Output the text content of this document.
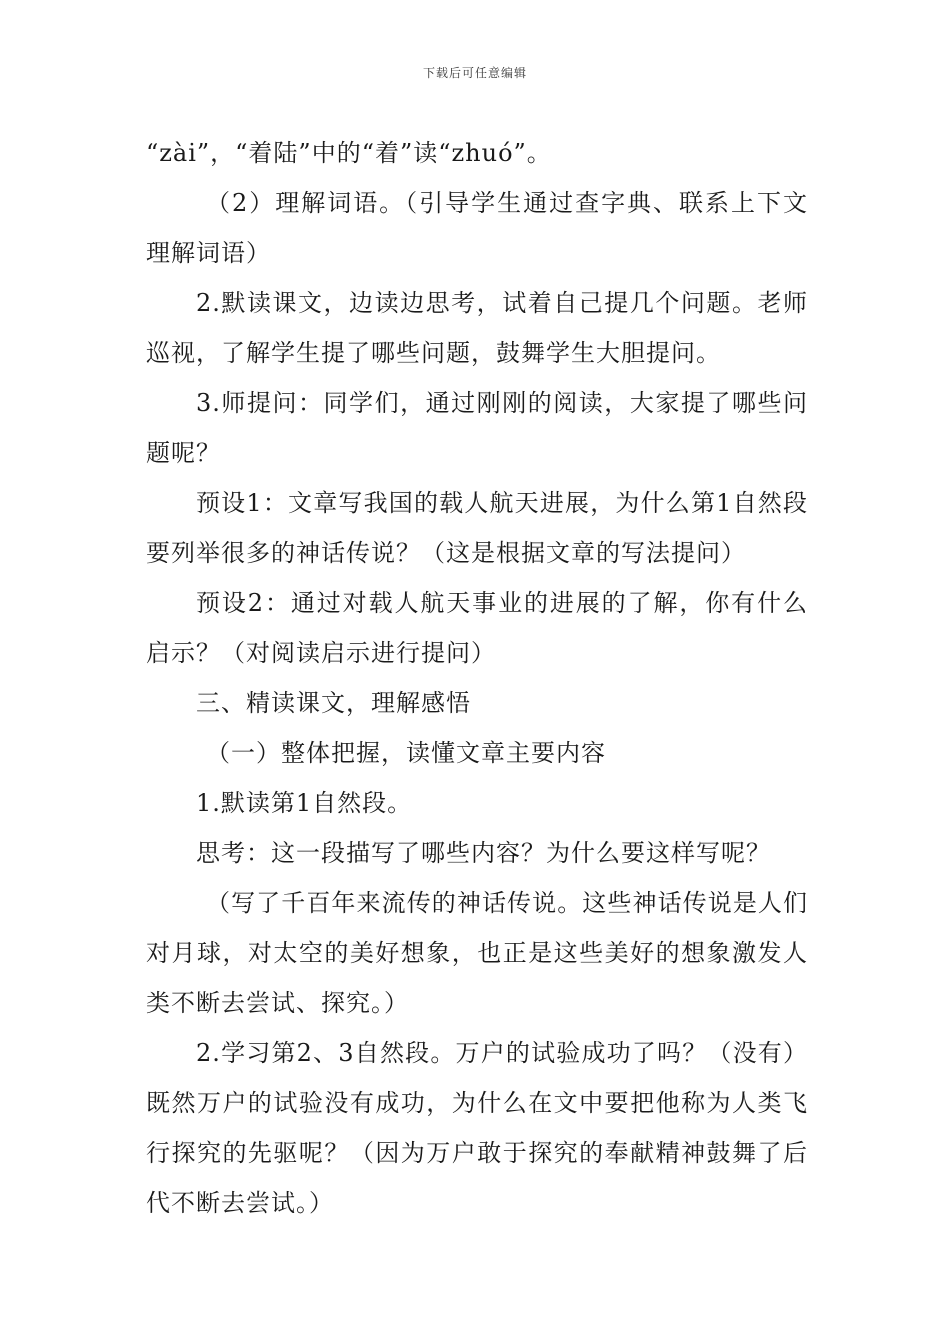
下载后可任意编辑

“zài”，“着陆”中的“着”读“zhuó”。

（2）理解词语。（引导学生通过查字典、联系上下文理解词语）

2.默读课文，边读边思考，试着自己提几个问题。老师巡视，了解学生提了哪些问题，鼓舞学生大胆提问。

3.师提问：同学们，通过刚刚的阅读，大家提了哪些问题呢？

预设1：文章写我国的载人航天进展，为什么第1自然段要列举很多的神话传说？（这是根据文章的写法提问）

预设2：通过对载人航天事业的进展的了解，你有什么启示？（对阅读启示进行提问）

三、精读课文，理解感悟

（一）整体把握，读懂文章主要内容

1.默读第1自然段。

思考：这一段描写了哪些内容？为什么要这样写呢？

（写了千百年来流传的神话传说。这些神话传说是人们对月球，对太空的美好想象，也正是这些美好的想象激发人类不断去尝试、探究。）

2.学习第2、3自然段。万户的试验成功了吗？（没有）既然万户的试验没有成功，为什么在文中要把他称为人类飞行探究的先驱呢？（因为万户敢于探究的奉献精神鼓舞了后代不断去尝试。）
